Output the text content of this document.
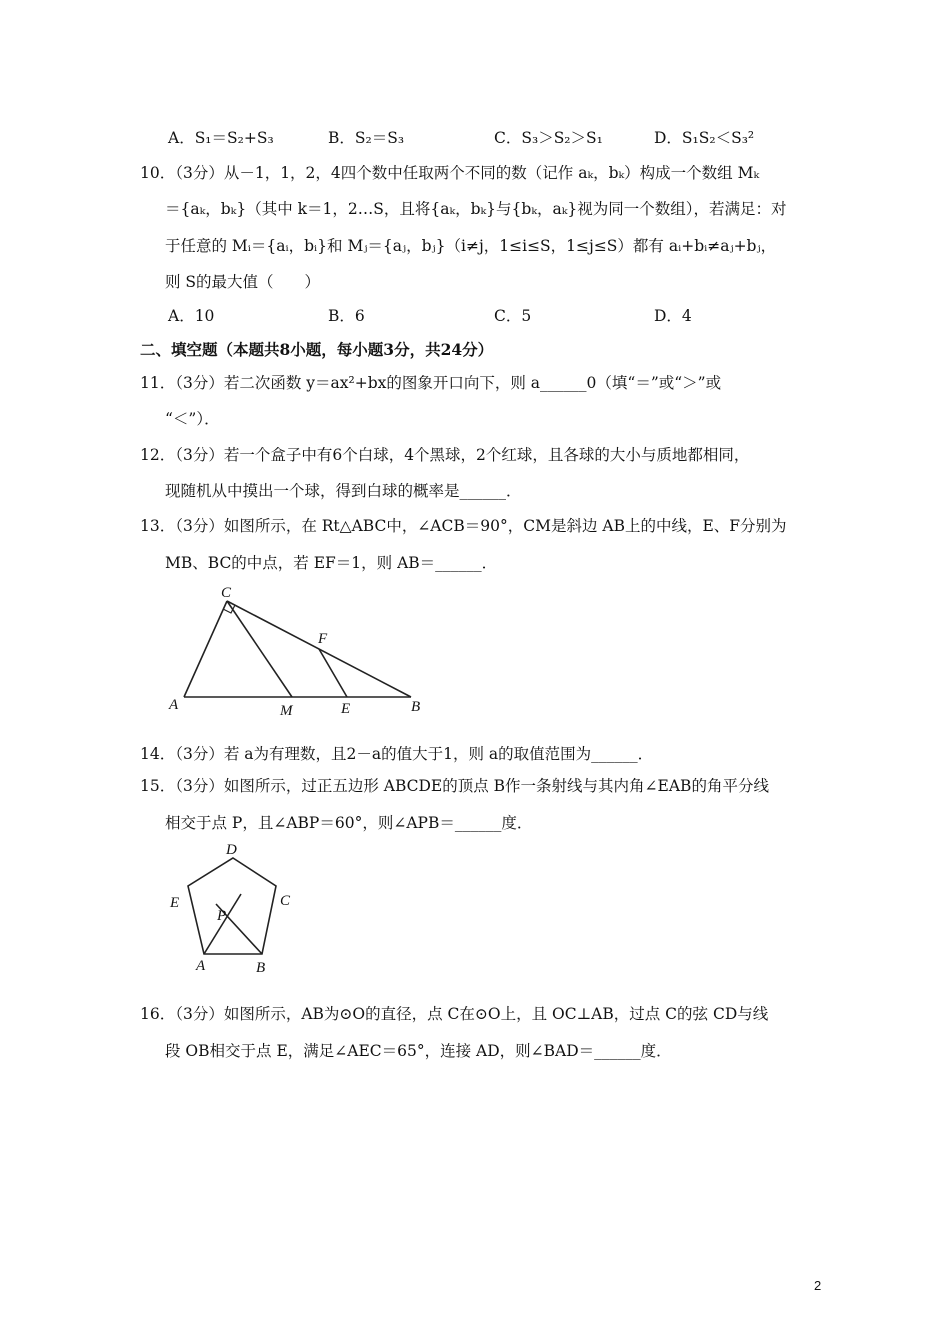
A．S₁＝S₂+S₃	B．S₂＝S₃	C．S₃＞S₂＞S₁	D．S₁S₂＜S₃²
10．（3分）从－1，1，2，4四个数中任取两个不同的数（记作 aₖ，bₖ）构成一个数组 Mₖ
＝{aₖ，bₖ}（其中 k＝1，2…S，且将{aₖ，bₖ}与{bₖ，aₖ}视为同一个数组），若满足：对
于任意的 Mᵢ＝{aᵢ，bᵢ}和 Mⱼ＝{aⱼ，bⱼ}（i≠j，1≤i≤S，1≤j≤S）都有 aᵢ+bᵢ≠aⱼ+bⱼ，
则 S的最大值（　　）
A．10	B．6	C．5	D．4
二、填空题（本题共8小题，每小题3分，共24分）
11．（3分）若二次函数 y＝ax²+bx的图象开口向下，则 a______0（填“＝”或“＞”或
“＜”）．
12．（3分）若一个盒子中有6个白球，4个黑球，2个红球，且各球的大小与质地都相同，
现随机从中摸出一个球，得到白球的概率是______．
13．（3分）如图所示，在 Rt△ABC中，∠ACB＝90°，CM是斜边 AB上的中线，E、F分别为
MB、BC的中点，若 EF＝1，则 AB＝______．
C
F
A	M	E	B
14．（3分）若 a为有理数，且2－a的值大于1，则 a的取值范围为______．
15．（3分）如图所示，过正五边形 ABCDE的顶点 B作一条射线与其内角∠EAB的角平分线
相交于点 P，且∠ABP＝60°，则∠APB＝______度．
D
E	C
P
A	B
16．（3分）如图所示，AB为⊙O的直径，点 C在⊙O上，且 OC⊥AB，过点 C的弦 CD与线
段 OB相交于点 E，满足∠AEC＝65°，连接 AD，则∠BAD＝______度．
2
